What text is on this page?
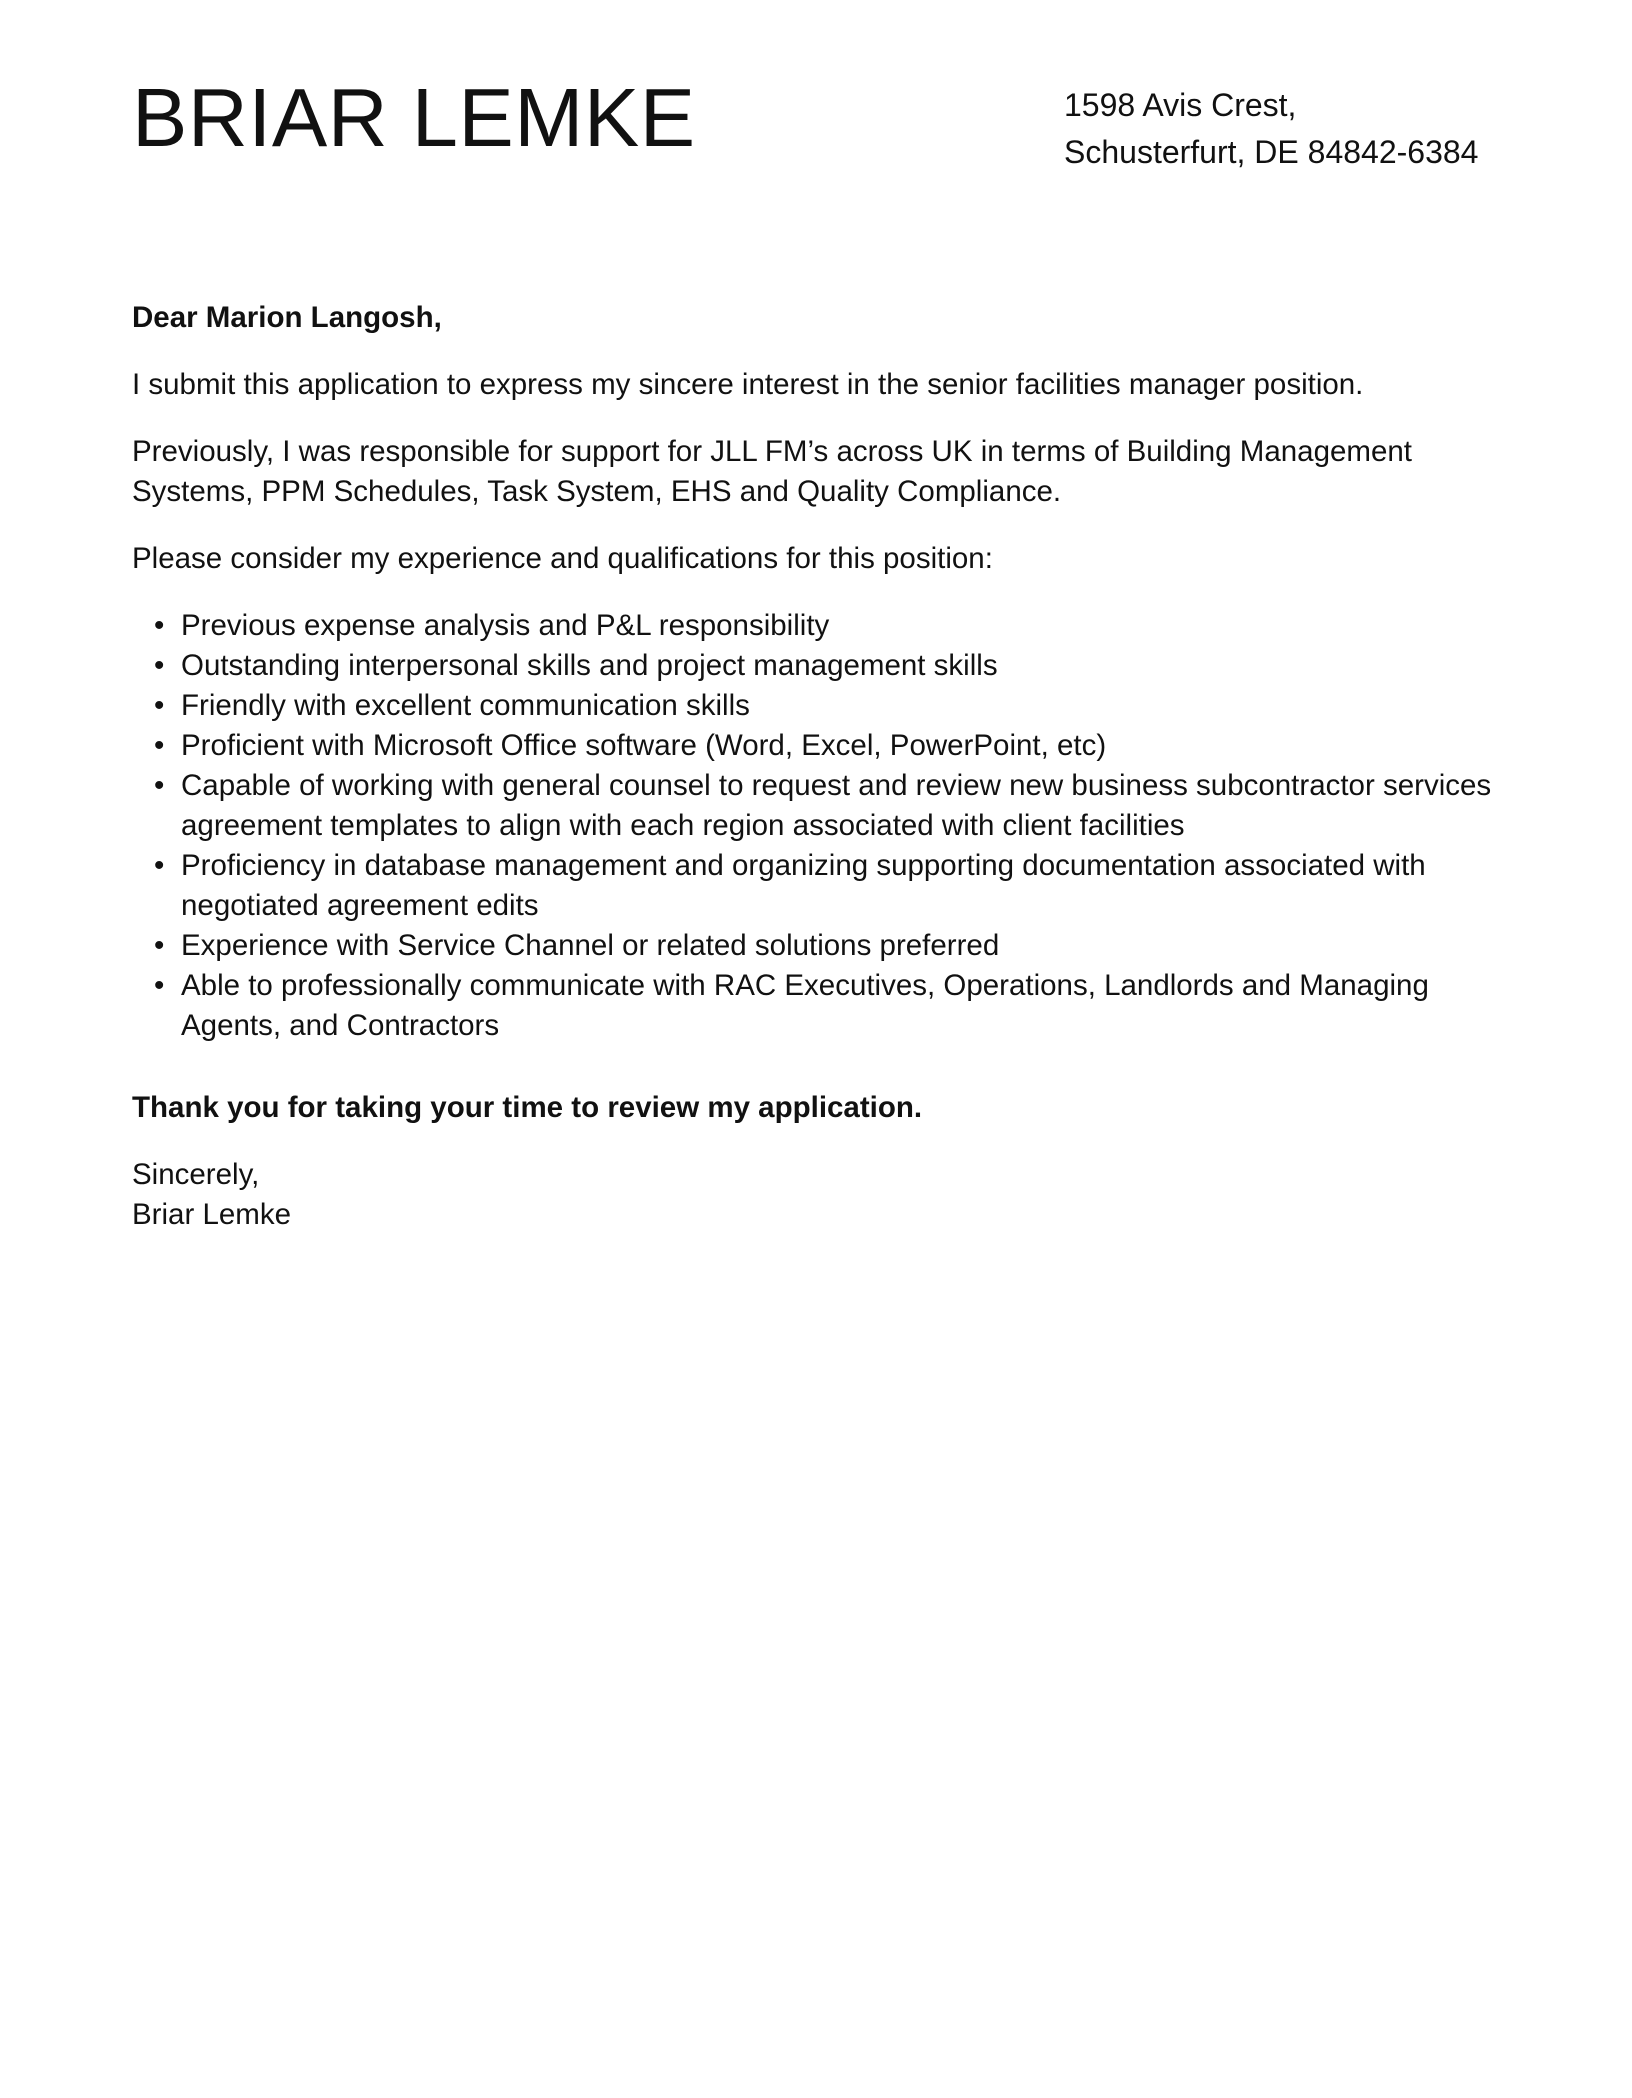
BRIAR LEMKE	1598 Avis Crest,
Schusterfurt, DE 84842-6384

Dear Marion Langosh,

I submit this application to express my sincere interest in the senior facilities manager position.

Previously, I was responsible for support for JLL FM’s across UK in terms of Building Management Systems, PPM Schedules, Task System, EHS and Quality Compliance.

Please consider my experience and qualifications for this position:

• Previous expense analysis and P&L responsibility
• Outstanding interpersonal skills and project management skills
• Friendly with excellent communication skills
• Proficient with Microsoft Office software (Word, Excel, PowerPoint, etc)
• Capable of working with general counsel to request and review new business subcontractor services agreement templates to align with each region associated with client facilities
• Proficiency in database management and organizing supporting documentation associated with negotiated agreement edits
• Experience with Service Channel or related solutions preferred
• Able to professionally communicate with RAC Executives, Operations, Landlords and Managing Agents, and Contractors

Thank you for taking your time to review my application.

Sincerely,
Briar Lemke
